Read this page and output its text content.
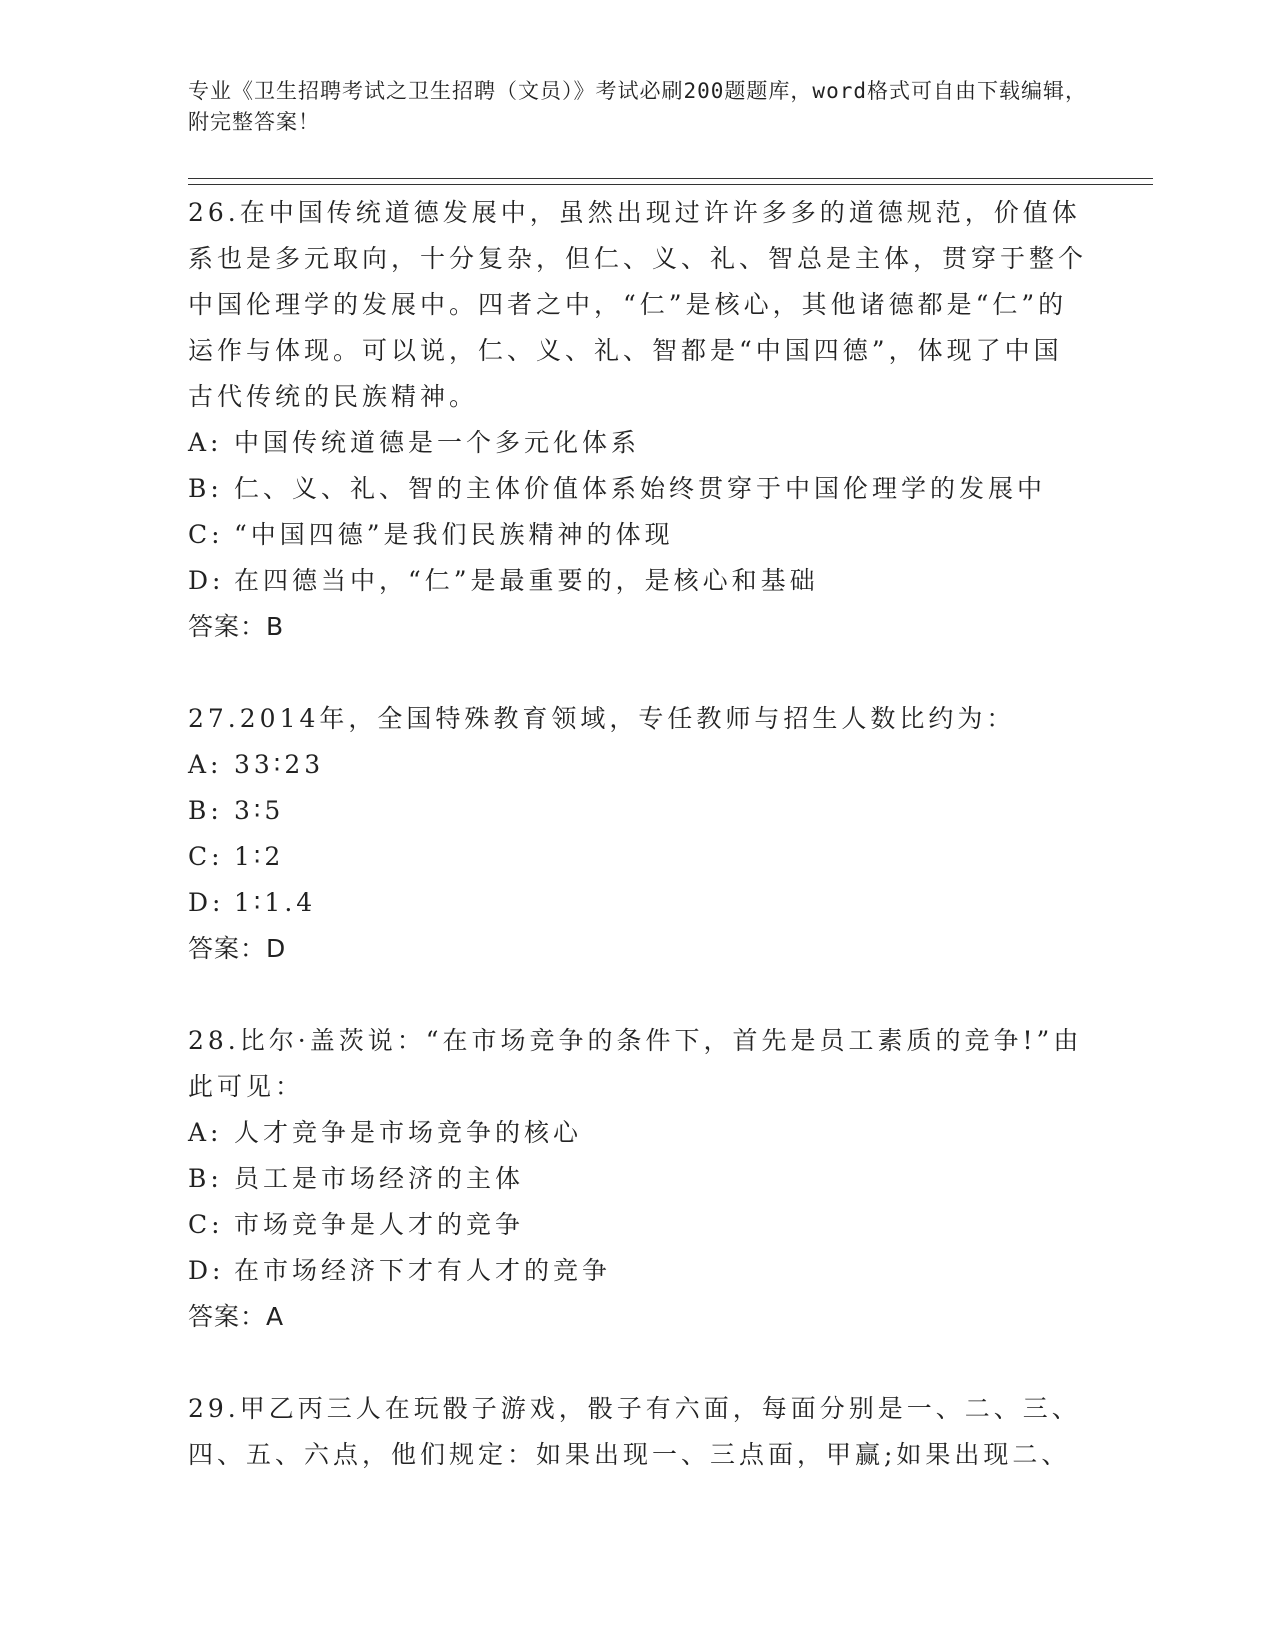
专业《卫生招聘考试之卫生招聘（文员）》考试必刷200题题库，word格式可自由下载编辑，附完整答案！
26.在中国传统道德发展中，虽然出现过许许多多的道德规范，价值体系也是多元取向，十分复杂，但仁、义、礼、智总是主体，贯穿于整个中国伦理学的发展中。四者之中，“仁”是核心，其他诸德都是“仁”的运作与体现。可以说，仁、义、礼、智都是“中国四德”，体现了中国古代传统的民族精神。
A: 中国传统道德是一个多元化体系
B: 仁、义、礼、智的主体价值体系始终贯穿于中国伦理学的发展中
C: “中国四德”是我们民族精神的体现
D: 在四德当中，“仁”是最重要的，是核心和基础
答案：B
27.2014年，全国特殊教育领域，专任教师与招生人数比约为：
A: 33∶23
B: 3∶5
C: 1∶2
D: 1∶1.4
答案：D
28.比尔·盖茨说：“在市场竞争的条件下，首先是员工素质的竞争!”由此可见：
A: 人才竞争是市场竞争的核心
B: 员工是市场经济的主体
C: 市场竞争是人才的竞争
D: 在市场经济下才有人才的竞争
答案：A
29.甲乙丙三人在玩骰子游戏，骰子有六面，每面分别是一、二、三、四、五、六点，他们规定：如果出现一、三点面，甲赢;如果出现二、
